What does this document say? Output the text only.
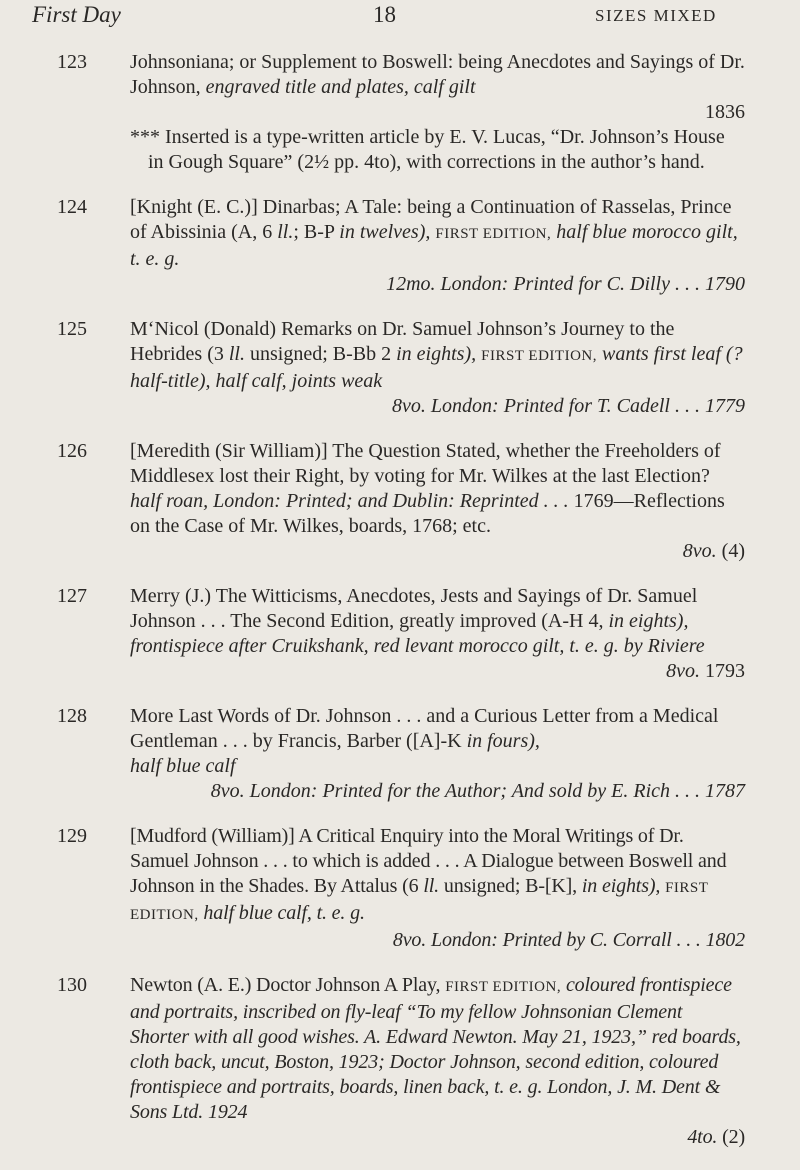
First Day	18	SIZES MIXED
123 Johnsoniana; or Supplement to Boswell: being Anecdotes and Sayings of Dr. Johnson, engraved title and plates, calf gilt
1836
*** Inserted is a type-written article by E. V. Lucas, “Dr. Johnson’s House in Gough Square” (2½ pp. 4to), with corrections in the author’s hand.
124 [Knight (E. C.)] Dinarbas; A Tale: being a Continuation of Rasselas, Prince of Abissinia (A, 6 ll.; B-P in twelves), FIRST EDITION, half blue morocco gilt, t. e. g.
12mo. London: Printed for C. Dilly . . . 1790
125 M‘Nicol (Donald) Remarks on Dr. Samuel Johnson’s Journey to the Hebrides (3 ll. unsigned; B-Bb 2 in eights), FIRST EDITION, wants first leaf (? half-title), half calf, joints weak
8vo. London: Printed for T. Cadell . . . 1779
126 [Meredith (Sir William)] The Question Stated, whether the Freeholders of Middlesex lost their Right, by voting for Mr. Wilkes at the last Election? half roan, London: Printed; and Dublin: Reprinted . . . 1769—Reflections on the Case of Mr. Wilkes, boards, 1768; etc.
8vo. (4)
127 Merry (J.) The Witticisms, Anecdotes, Jests and Sayings of Dr. Samuel Johnson . . . The Second Edition, greatly improved (A-H 4, in eights), frontispiece after Cruikshank, red levant morocco gilt, t. e. g. by Riviere
8vo. 1793
128 More Last Words of Dr. Johnson . . . and a Curious Letter from a Medical Gentleman . . . by Francis, Barber ([A]-K in fours),
half blue calf
8vo. London: Printed for the Author; And sold by E. Rich . . . 1787
129 [Mudford (William)] A Critical Enquiry into the Moral Writings of Dr. Samuel Johnson . . . to which is added . . . A Dialogue between Boswell and Johnson in the Shades. By Attalus (6 ll. unsigned; B-[K], in eights), FIRST EDITION, half blue calf, t. e. g.
8vo. London: Printed by C. Corrall . . . 1802
130 Newton (A. E.) Doctor Johnson A Play, FIRST EDITION, coloured frontispiece and portraits, inscribed on fly-leaf “To my fellow Johnsonian Clement Shorter with all good wishes. A. Edward Newton. May 21, 1923,” red boards, cloth back, uncut, Boston, 1923; Doctor Johnson, second edition, coloured frontispiece and portraits, boards, linen back, t. e. g. London, J. M. Dent & Sons Ltd. 1924
4to. (2)
